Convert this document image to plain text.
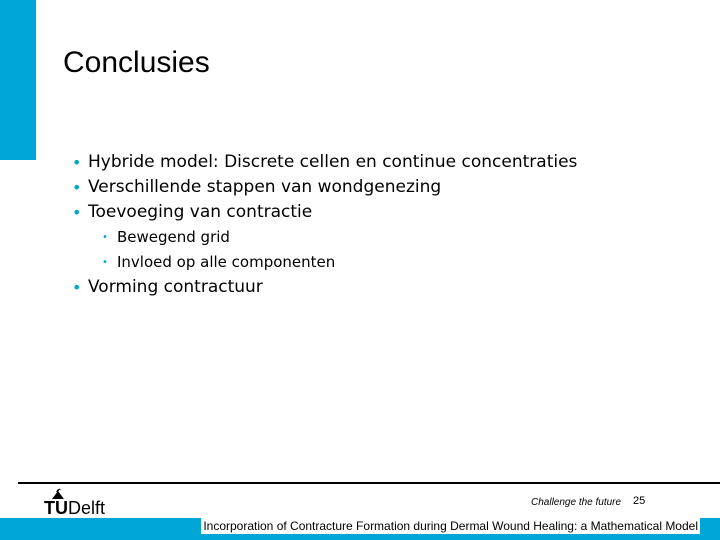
Conclusies
• Hybride model: Discrete cellen en continue concentraties
• Verschillende stappen van wondgenezing
• Toevoeging van contractie
• Bewegend grid
• Invloed op alle componenten
• Vorming contractuur
TUDelft	Challenge the future 25
Incorporation of Contracture Formation during Dermal Wound Healing: a Mathematical Model
